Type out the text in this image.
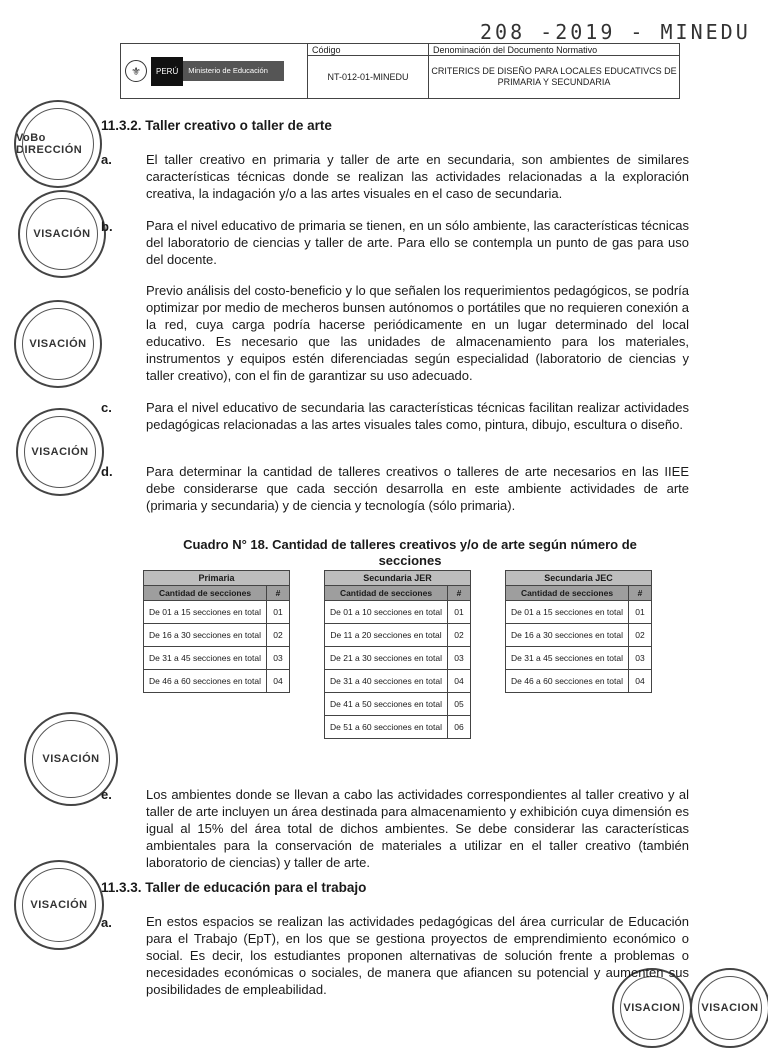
208 -2019 - MINEDU
⚜ PERÚ Ministerio de Educación	Código	Denominación del Documento Normativo
	NT-012-01-MINEDU	CRITERICS DE DISEÑO PARA LOCALES EDUCATIVCS DE PRIMARIA Y SECUNDARIA
VoBo DIRECCIÓN
VISACIÓN
VISACIÓN
VISACIÓN
VISACIÓN
VISACIÓN
VISACION	VISACION
11.3.2. Taller creativo o taller de arte
a.	El taller creativo en primaria y taller de arte en secundaria, son ambientes de similares características técnicas donde se realizan las actividades relacionadas a la exploración creativa, la indagación y/o a las artes visuales en el caso de secundaria.
b.	Para el nivel educativo de primaria se tienen, en un sólo ambiente, las características técnicas del laboratorio de ciencias y taller de arte. Para ello se contempla un punto de gas para uso del docente.
Previo análisis del costo-beneficio y lo que señalen los requerimientos pedagógicos, se podría optimizar por medio de mecheros bunsen autónomos o portátiles que no requieren conexión a la red, cuya carga podría hacerse periódicamente en un lugar determinado del local educativo. Es necesario que las unidades de almacenamiento para los materiales, instrumentos y equipos estén diferenciadas según especialidad (laboratorio de ciencias y taller creativo), con el fin de garantizar su uso adecuado.
c.	Para el nivel educativo de secundaria las características técnicas facilitan realizar actividades pedagógicas relacionadas a las artes visuales tales como, pintura, dibujo, escultura o diseño.
d.	Para determinar la cantidad de talleres creativos o talleres de arte necesarios en las IIEE debe considerarse que cada sección desarrolla en este ambiente actividades de arte (primaria y secundaria) y de ciencia y tecnología (sólo primaria).
Cuadro N° 18. Cantidad de talleres creativos y/o de arte según número de secciones
Primaria	
Cantidad de secciones	#
De 01 a 15 secciones en total	01
De 16 a 30 secciones en total	02
De 31 a 45 secciones en total	03
De 46 a 60 secciones en total	04
Secundaria JER	
Cantidad de secciones	#
De 01 a 10 secciones en total	01
De 11 a 20 secciones en total	02
De 21 a 30 secciones en total	03
De 31 a 40 secciones en total	04
De 41 a 50 secciones en total	05
De 51 a 60 secciones en total	06
Secundaria JEC	
Cantidad de secciones	#
De 01 a 15 secciones en total	01
De 16 a 30 secciones en total	02
De 31 a 45 secciones en total	03
De 46 a 60 secciones en total	04
e.	Los ambientes donde se llevan a cabo las actividades correspondientes al taller creativo y al taller de arte incluyen un área destinada para almacenamiento y exhibición cuya dimensión es igual al 15% del área total de dichos ambientes. Se debe considerar las características ambientales para la conservación de materiales a utilizar en el taller creativo (también laboratorio de ciencias) y taller de arte.
11.3.3. Taller de educación para el trabajo
a.	En estos espacios se realizan las actividades pedagógicas del área curricular de Educación para el Trabajo (EpT), en los que se gestiona proyectos de emprendimiento económico o social. Es decir, los estudiantes proponen alternativas de solución frente a problemas o necesidades económicas o sociales, de manera que afiancen su potencial y aumenten sus posibilidades de empleabilidad.
